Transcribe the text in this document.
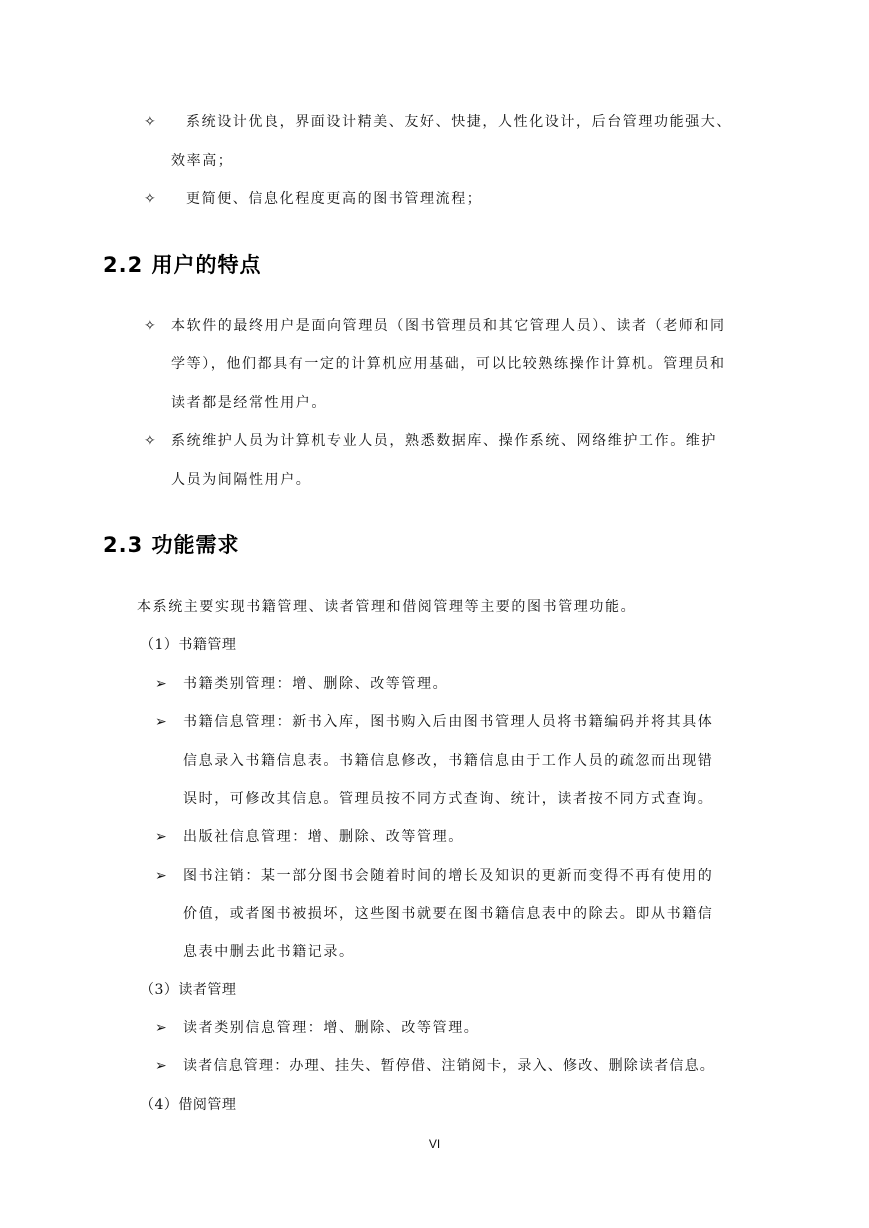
✧ 系统设计优良，界面设计精美、友好、快捷，人性化设计，后台管理功能强大、
效率高；
✧ 更简便、信息化程度更高的图书管理流程；
2.2 用户的特点
✧ 本软件的最终用户是面向管理员（图书管理员和其它管理人员）、读者（老师和同
学等），他们都具有一定的计算机应用基础，可以比较熟练操作计算机。管理员和
读者都是经常性用户。
✧ 系统维护人员为计算机专业人员，熟悉数据库、操作系统、网络维护工作。维护
人员为间隔性用户。
2.3 功能需求
本系统主要实现书籍管理、读者管理和借阅管理等主要的图书管理功能。
（1）书籍管理
➢ 书籍类别管理：增、删除、改等管理。
➢ 书籍信息管理：新书入库，图书购入后由图书管理人员将书籍编码并将其具体
信息录入书籍信息表。书籍信息修改，书籍信息由于工作人员的疏忽而出现错
误时，可修改其信息。管理员按不同方式查询、统计，读者按不同方式查询。
➢ 出版社信息管理：增、删除、改等管理。
➢ 图书注销：某一部分图书会随着时间的增长及知识的更新而变得不再有使用的
价值，或者图书被损坏，这些图书就要在图书籍信息表中的除去。即从书籍信
息表中删去此书籍记录。
（3）读者管理
➢ 读者类别信息管理：增、删除、改等管理。
➢ 读者信息管理：办理、挂失、暂停借、注销阅卡，录入、修改、删除读者信息。
（4）借阅管理
VI
